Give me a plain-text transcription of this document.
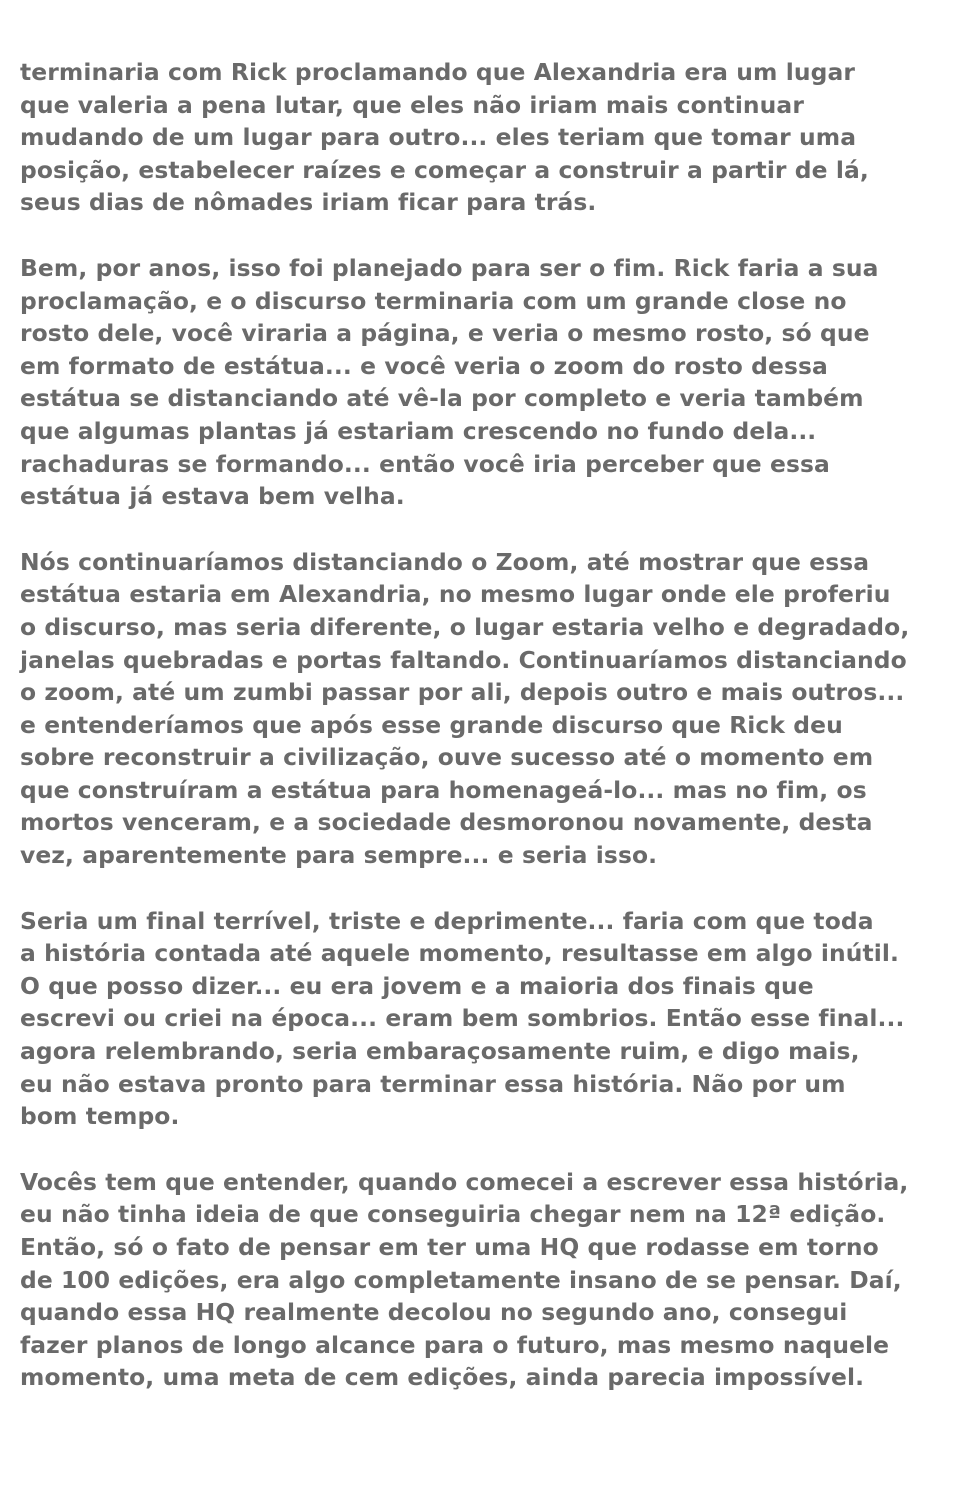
terminaria com Rick proclamando que Alexandria era um lugar
que valeria a pena lutar, que eles não iriam mais continuar
mudando de um lugar para outro... eles teriam que tomar uma
posição, estabelecer raízes e começar a construir a partir de lá,
seus dias de nômades iriam ficar para trás.
Bem, por anos, isso foi planejado para ser o fim. Rick faria a sua
proclamação, e o discurso terminaria com um grande close no
rosto dele, você viraria a página, e veria o mesmo rosto, só que
em formato de estátua... e você veria o zoom do rosto dessa
estátua se distanciando até vê-la por completo e veria também
que algumas plantas já estariam crescendo no fundo dela...
rachaduras se formando... então você iria perceber que essa
estátua já estava bem velha.
Nós continuaríamos distanciando o Zoom, até mostrar que essa
estátua estaria em Alexandria, no mesmo lugar onde ele proferiu
o discurso, mas seria diferente, o lugar estaria velho e degradado,
janelas quebradas e portas faltando. Continuaríamos distanciando
o zoom, até um zumbi passar por ali, depois outro e mais outros...
e entenderíamos que após esse grande discurso que Rick deu
sobre reconstruir a civilização, ouve sucesso até o momento em
que construíram a estátua para homenageá-lo... mas no fim, os
mortos venceram, e a sociedade desmoronou novamente, desta
vez, aparentemente para sempre... e seria isso.
Seria um final terrível, triste e deprimente... faria com que toda
a história contada até aquele momento, resultasse em algo inútil.
O que posso dizer... eu era jovem e a maioria dos finais que
escrevi ou criei na época... eram bem sombrios. Então esse final...
agora relembrando, seria embaraçosamente ruim, e digo mais,
eu não estava pronto para terminar essa história. Não por um
bom tempo.
Vocês tem que entender, quando comecei a escrever essa história,
eu não tinha ideia de que conseguiria chegar nem na 12ª edição.
Então, só o fato de pensar em ter uma HQ que rodasse em torno
de 100 edições, era algo completamente insano de se pensar. Daí,
quando essa HQ realmente decolou no segundo ano, consegui
fazer planos de longo alcance para o futuro, mas mesmo naquele
momento, uma meta de cem edições, ainda parecia impossível.
